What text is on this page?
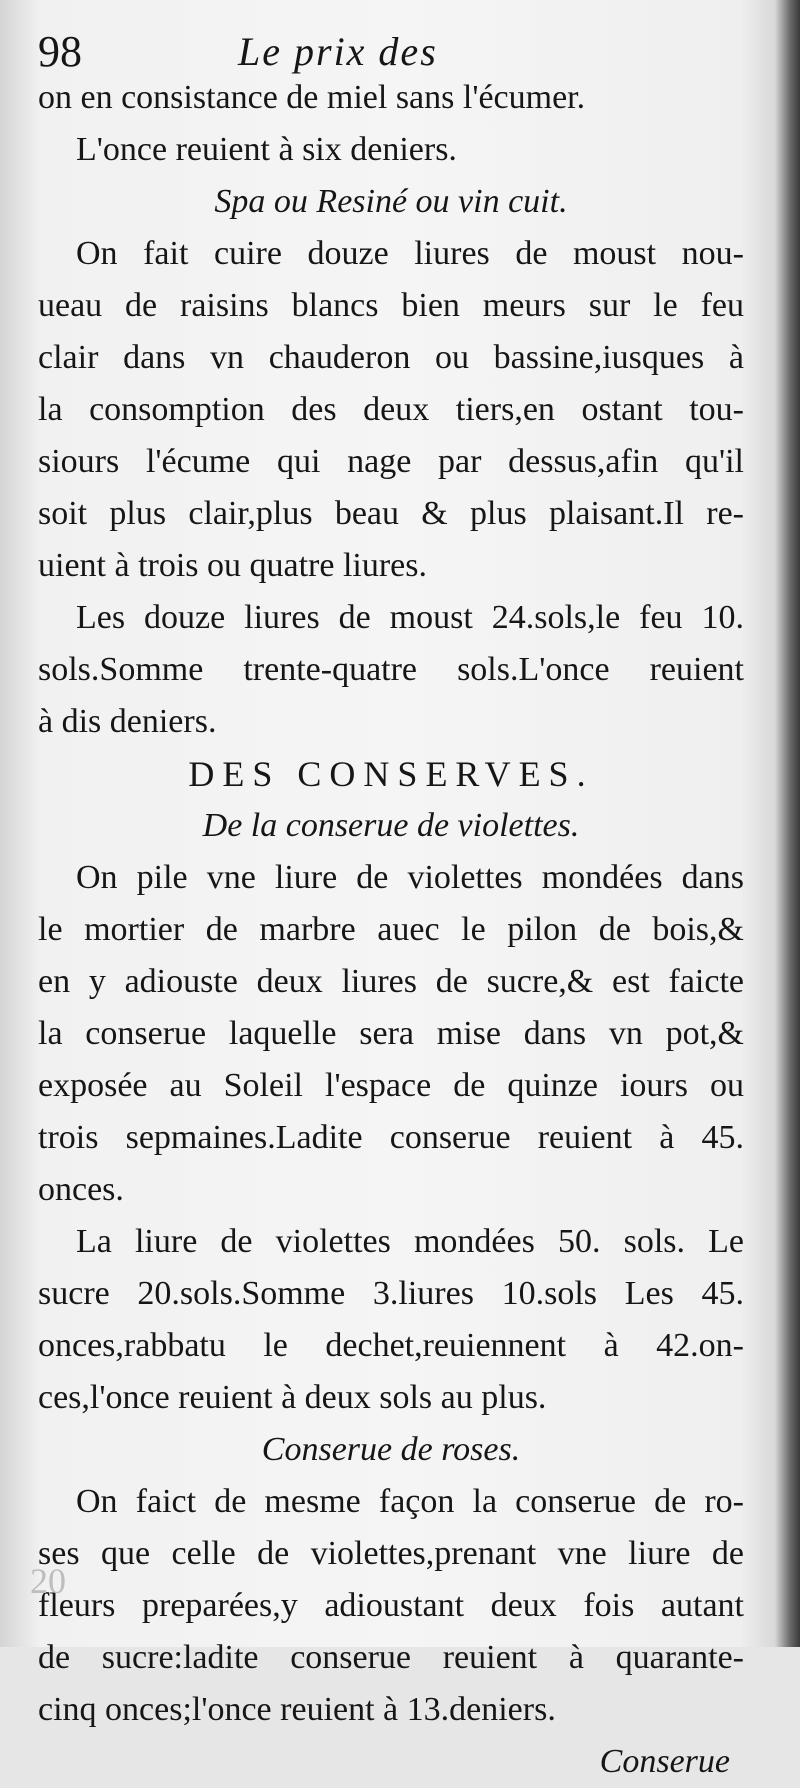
98	Le prix des
on en consistance de miel sans l'écumer.
L'once reuient à six deniers.
Spa ou Resiné ou vin cuit.
On fait cuire douze liures de moust nou-
ueau de raisins blancs bien meurs sur le feu
clair dans vn chauderon ou bassine,iusques à
la consomption des deux tiers,en ostant tou-
siours l'écume qui nage par dessus,afin qu'il
soit plus clair,plus beau & plus plaisant.Il re-
uient à trois ou quatre liures.
Les douze liures de moust 24.sols,le feu 10.
sols.Somme trente-quatre sols.L'once reuient
à dis deniers.
DES CONSERVES.
De la conserue de violettes.
On pile vne liure de violettes mondées dans
le mortier de marbre auec le pilon de bois,&
en y adiouste deux liures de sucre,& est faicte
la conserue laquelle sera mise dans vn pot,&
exposée au Soleil l'espace de quinze iours ou
trois sepmaines.Ladite conserue reuient à 45.
onces.
La liure de violettes mondées 50. sols. Le
sucre 20.sols.Somme 3.liures 10.sols Les 45.
onces,rabbatu le dechet,reuiennent à 42.on-
ces,l'once reuient à deux sols au plus.
Conserue de roses.
On faict de mesme façon la conserue de ro-
ses que celle de violettes,prenant vne liure de
fleurs preparées,y adioustant deux fois autant
de sucre:ladite conserue reuient à quarante-
cinq onces;l'once reuient à 13.deniers.
Conserue
20
